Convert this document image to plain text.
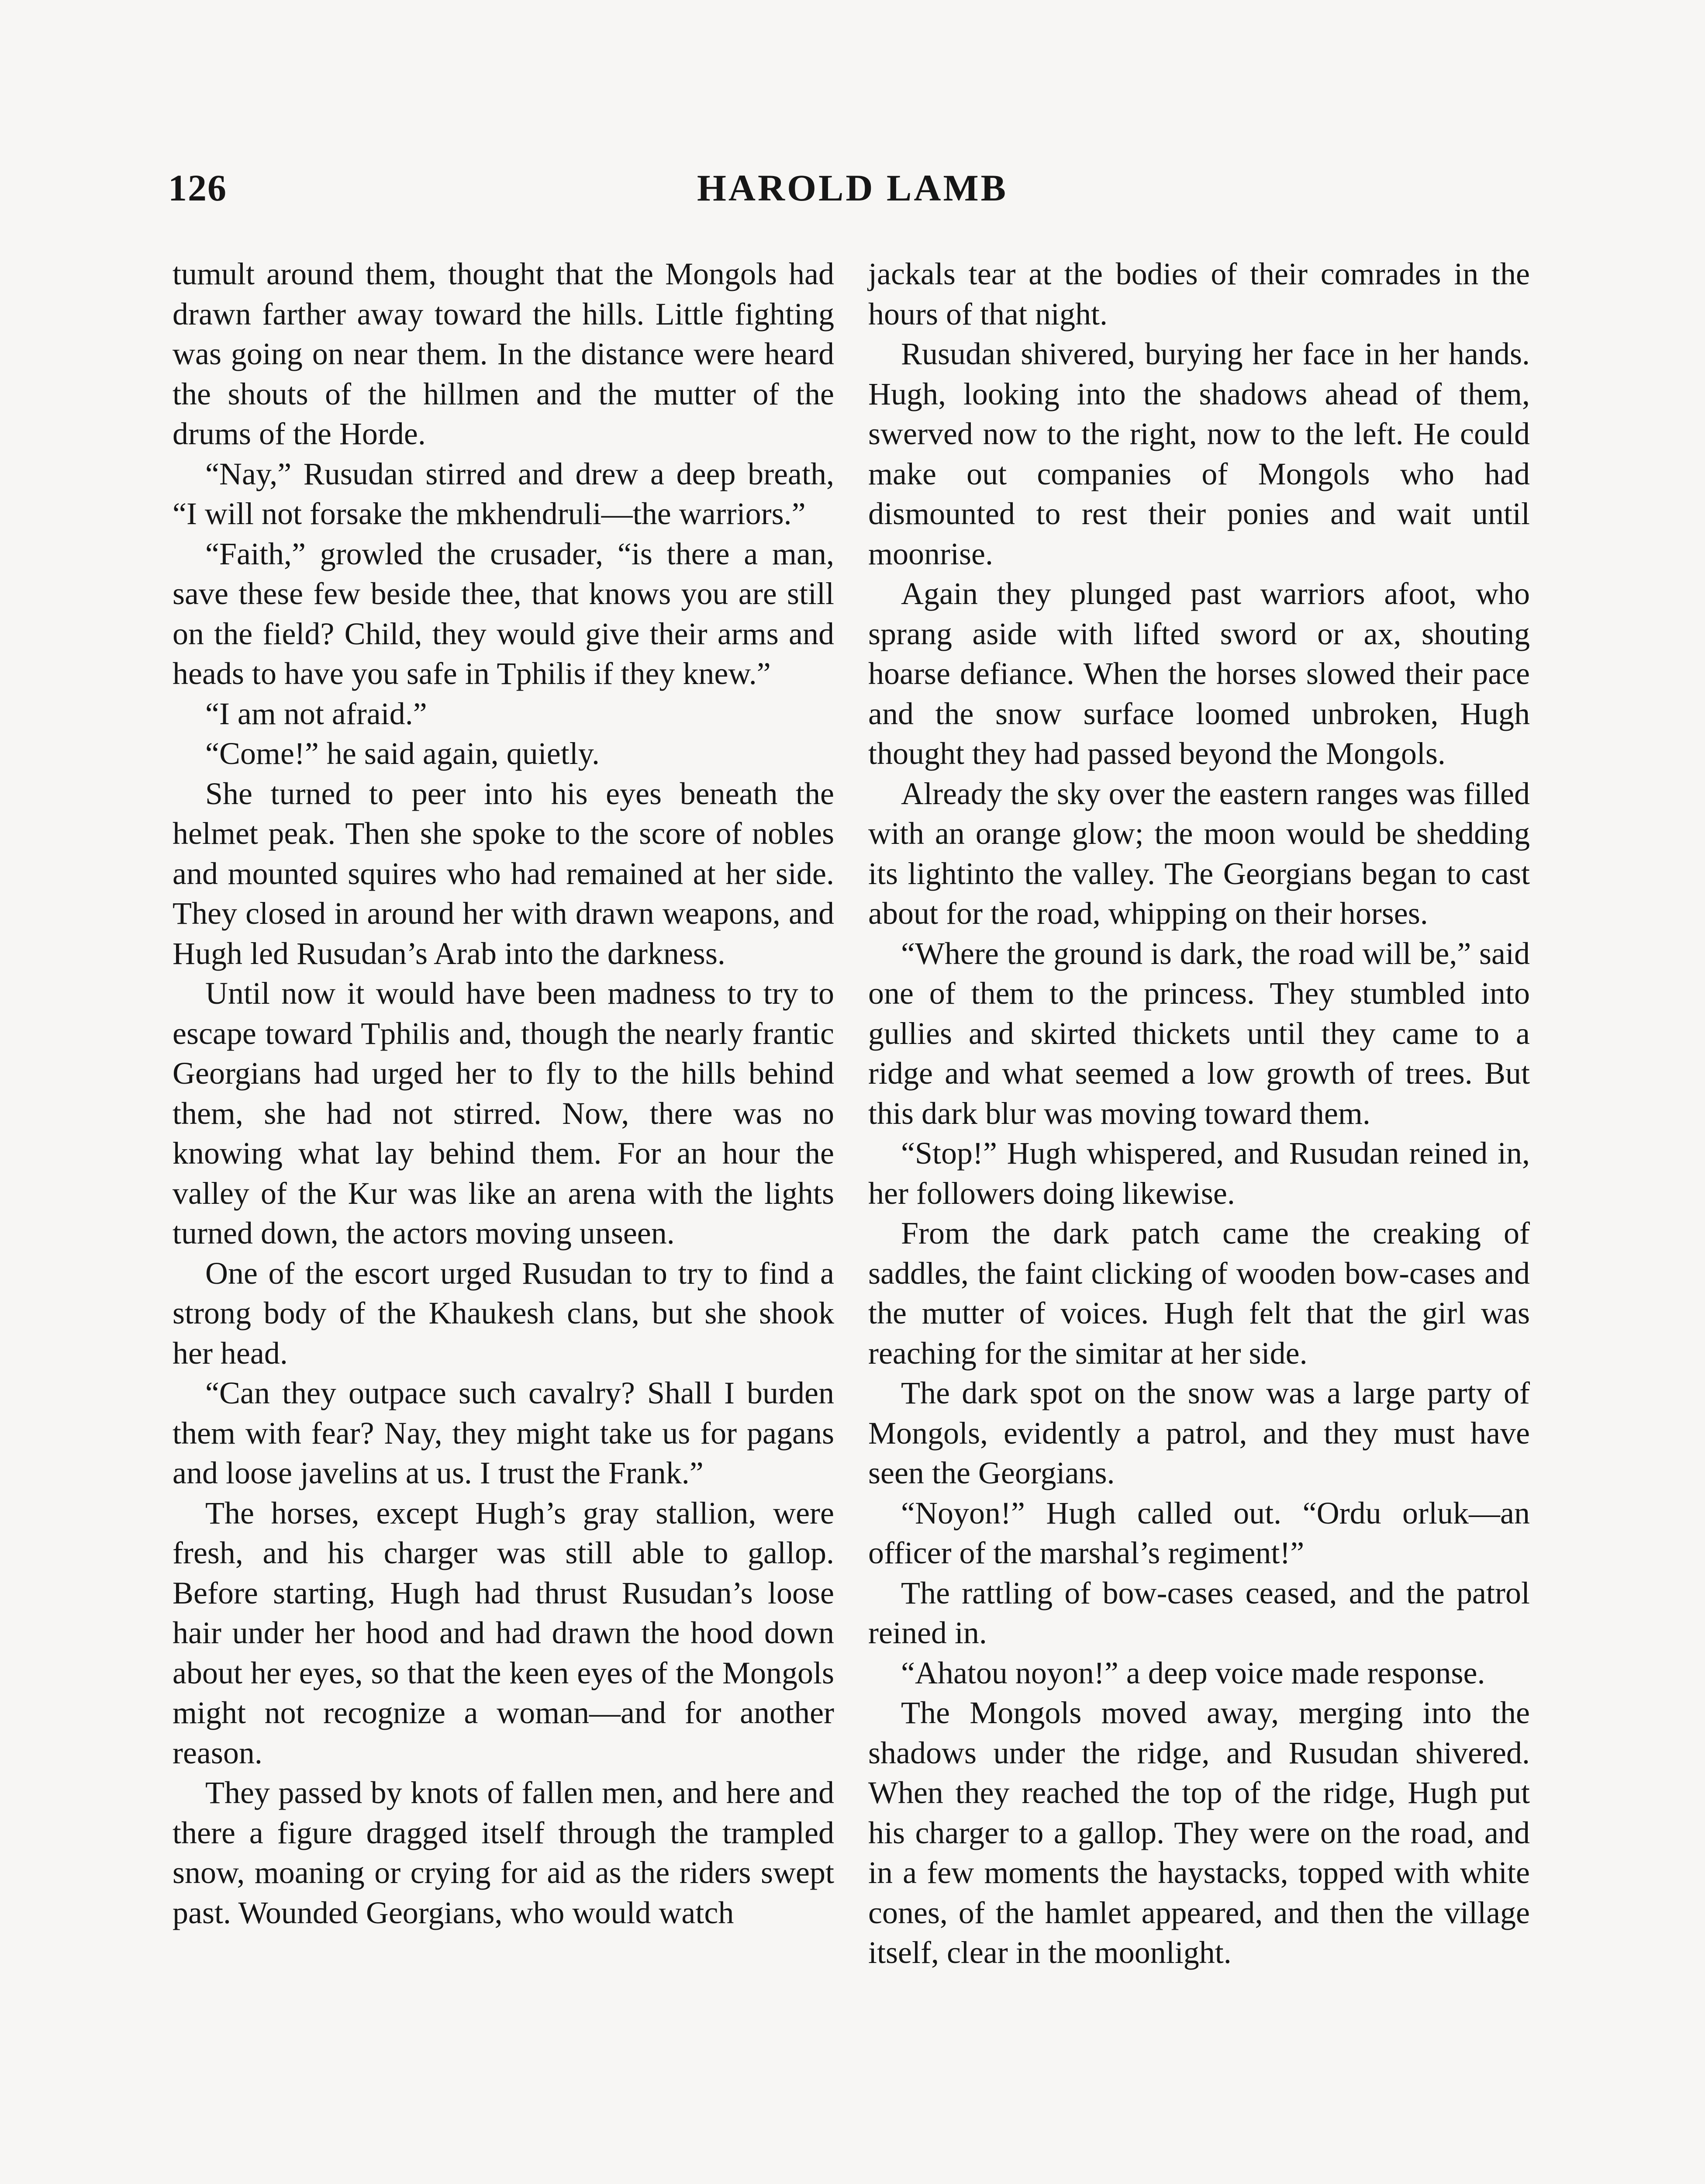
126	HAROLD LAMB

tumult around them, thought that the Mongols had drawn farther away toward the hills. Little fighting was going on near them. In the distance were heard the shouts of the hillmen and the mutter of the drums of the Horde.

“Nay,” Rusudan stirred and drew a deep breath, “I will not forsake the mkhendruli—the warriors.”

“Faith,” growled the crusader, “is there a man, save these few beside thee, that knows you are still on the field? Child, they would give their arms and heads to have you safe in Tphilis if they knew.”

“I am not afraid.”

“Come!” he said again, quietly.

She turned to peer into his eyes beneath the helmet peak. Then she spoke to the score of nobles and mounted squires who had remained at her side. They closed in around her with drawn weapons, and Hugh led Rusudan’s Arab into the darkness.

Until now it would have been madness to try to escape toward Tphilis and, though the nearly frantic Georgians had urged her to fly to the hills behind them, she had not stirred. Now, there was no knowing what lay behind them. For an hour the valley of the Kur was like an arena with the lights turned down, the actors moving unseen.

One of the escort urged Rusudan to try to find a strong body of the Khaukesh clans, but she shook her head.

“Can they outpace such cavalry? Shall I burden them with fear? Nay, they might take us for pagans and loose javelins at us. I trust the Frank.”

The horses, except Hugh’s gray stallion, were fresh, and his charger was still able to gallop. Before starting, Hugh had thrust Rusudan’s loose hair under her hood and had drawn the hood down about her eyes, so that the keen eyes of the Mongols might not recognize a woman—and for another reason.

They passed by knots of fallen men, and here and there a figure dragged itself through the trampled snow, moaning or crying for aid as the riders swept past. Wounded Georgians, who would watch

jackals tear at the bodies of their comrades in the hours of that night.

Rusudan shivered, burying her face in her hands. Hugh, looking into the shadows ahead of them, swerved now to the right, now to the left. He could make out companies of Mongols who had dismounted to rest their ponies and wait until moonrise.

Again they plunged past warriors afoot, who sprang aside with lifted sword or ax, shouting hoarse defiance. When the horses slowed their pace and the snow surface loomed unbroken, Hugh thought they had passed beyond the Mongols.

Already the sky over the eastern ranges was filled with an orange glow; the moon would be shedding its lightinto the valley. The Georgians began to cast about for the road, whipping on their horses.

“Where the ground is dark, the road will be,” said one of them to the princess. They stumbled into gullies and skirted thickets until they came to a ridge and what seemed a low growth of trees. But this dark blur was moving toward them.

“Stop!” Hugh whispered, and Rusudan reined in, her followers doing likewise.

From the dark patch came the creaking of saddles, the faint clicking of wooden bow-cases and the mutter of voices. Hugh felt that the girl was reaching for the simitar at her side.

The dark spot on the snow was a large party of Mongols, evidently a patrol, and they must have seen the Georgians.

“Noyon!” Hugh called out. “Ordu orluk—an officer of the marshal’s regiment!”

The rattling of bow-cases ceased, and the patrol reined in.

“Ahatou noyon!” a deep voice made response.

The Mongols moved away, merging into the shadows under the ridge, and Rusudan shivered. When they reached the top of the ridge, Hugh put his charger to a gallop. They were on the road, and in a few moments the haystacks, topped with white cones, of the hamlet appeared, and then the village itself, clear in the moonlight.
